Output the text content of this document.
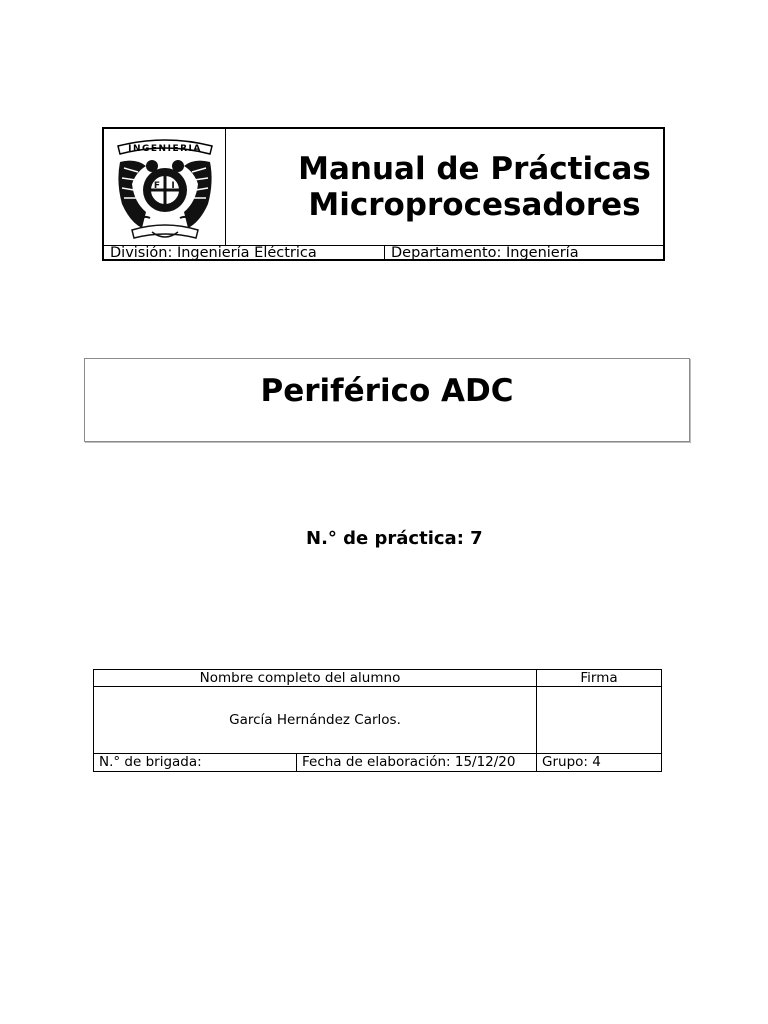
INGENIERIA
F I	Manual de Prácticas
Microprocesadores
División: Ingeniería Eléctrica	Departamento: Ingeniería
Periférico ADC
N.° de práctica: 7
Nombre completo del alumno	Firma
García Hernández Carlos.
N.° de brigada:	Fecha de elaboración: 15/12/20	Grupo: 4
